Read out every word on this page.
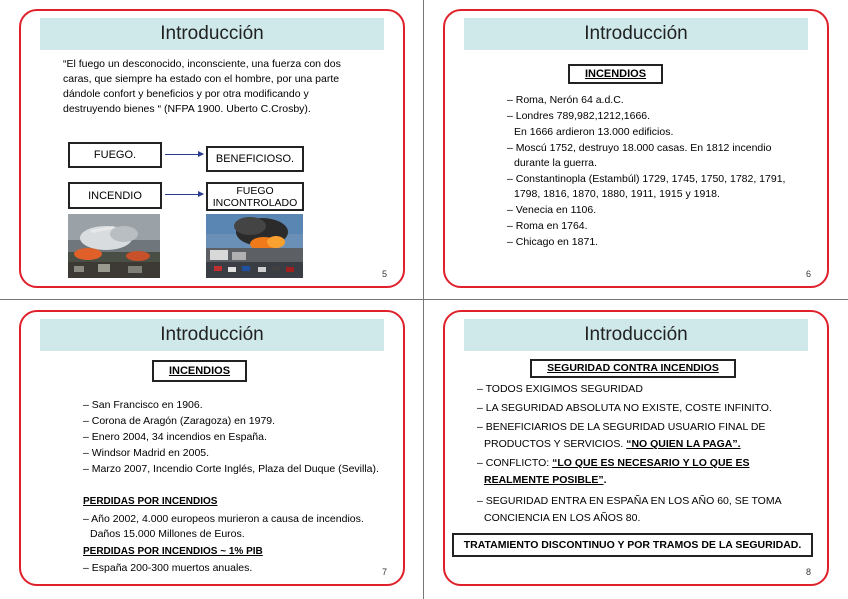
Introducción
“El fuego un desconocido, inconsciente, una fuerza con dos caras, que siempre ha estado con el hombre, por una parte dándole confort y beneficios y por otra modificando y destruyendo bienes “ (NFPA 1900. Uberto C.Crosby).
FUEGO.	BENEFICIOSO.
INCENDIO	FUEGO INCONTROLADO
5
Introducción
INCENDIOS
– Roma, Nerón 64 a.d.C.
– Londres 789,982,1212,1666.
En 1666 ardieron 13.000 edificios.
– Moscú 1752, destruyo 18.000 casas. En 1812 incendio durante la guerra.
– Constantinopla (Estambúl) 1729, 1745, 1750, 1782, 1791, 1798, 1816, 1870, 1880, 1911, 1915 y 1918.
– Venecia en 1106.
– Roma en 1764.
– Chicago en 1871.
6
Introducción
INCENDIOS
– San Francisco en 1906.
– Corona de Aragón (Zaragoza) en 1979.
– Enero 2004, 34 incendios en España.
– Windsor Madrid en 2005.
– Marzo 2007, Incendio Corte Inglés, Plaza del Duque (Sevilla).
PERDIDAS POR INCENDIOS
– Año 2002, 4.000 europeos murieron a causa de incendios. Daños 15.000 Millones de Euros.
PERDIDAS POR INCENDIOS ~ 1% PIB
– España 200-300 muertos anuales.	7
Introducción
SEGURIDAD CONTRA INCENDIOS
– TODOS EXIGIMOS SEGURIDAD
– LA SEGURIDAD ABSOLUTA NO EXISTE, COSTE INFINITO.
– BENEFICIARIOS DE LA SEGURIDAD USUARIO FINAL DE
PRODUCTOS Y SERVICIOS. “NO QUIEN LA PAGA”.
– CONFLICTO: “LO QUE ES NECESARIO Y LO QUE ES
REALMENTE POSIBLE”.
– SEGURIDAD ENTRA EN ESPAÑA EN LOS AÑO 60, SE TOMA
CONCIENCIA EN LOS AÑOS 80.
TRATAMIENTO DISCONTINUO Y POR TRAMOS DE LA SEGURIDAD.
8
